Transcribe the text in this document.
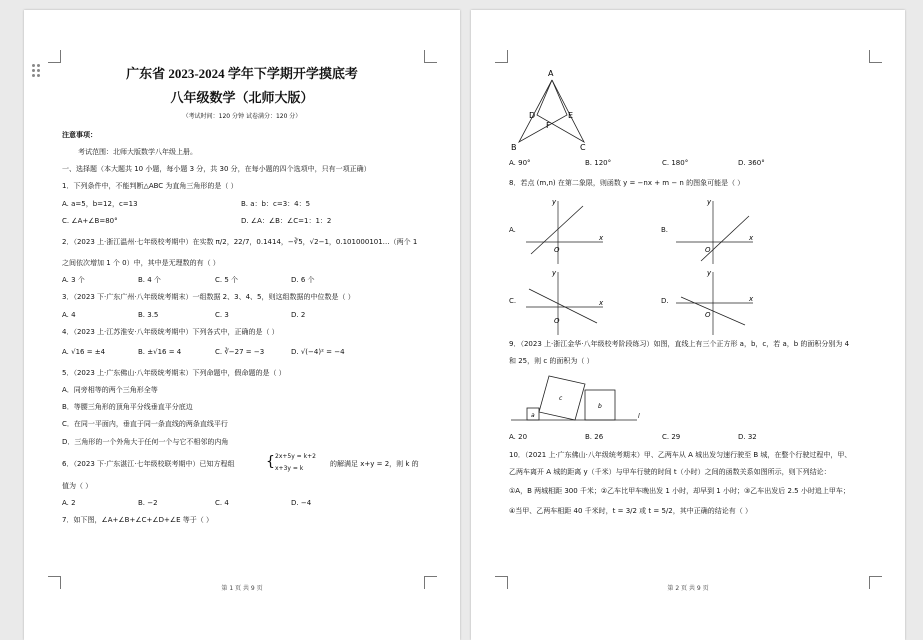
广东省 2023-2024 学年下学期开学摸底考
八年级数学（北师大版）
（考试时间：120 分钟 试卷满分：120 分）
注意事项：
考试范围：北师大版数学八年级上册。
一、选择题（本大题共 10 小题，每小题 3 分，共 30 分，在每小题的四个选项中，只有一项正确）
1．下列条件中，不能判断△ABC 为直角三角形的是（ ）
A. a=5，b=12，c=13	B. a：b：c=3：4：5
C. ∠A+∠B=80°	D. ∠A：∠B：∠C=1：1：2
2．（2023 上·浙江温州·七年级校考期中）在实数 π/2，22/7，0.1414，−∛5，√2−1，0.101000101…（两个 1
之间依次增加 1 个 0）中，其中是无理数的有（ ）
A. 3 个	B. 4 个	C. 5 个	D. 6 个
3．（2023 下·广东广州·八年级统考期末）一组数据 2、3、4、5，则这组数据的中位数是（ ）
A. 4	B. 3.5	C. 3	D. 2
4．（2023 上·江苏淮安·八年级统考期中）下列各式中，正确的是（ ）
A. √16 = ±4	B. ±√16 = 4	C. ∛−27 = −3	D. √(−4)² = −4
5．（2023 上·广东佛山·八年级统考期末）下列命题中，假命题的是（ ）
A．同旁相等的两个三角形全等
B．等腰三角形的顶角平分线垂直平分底边
C．在同一平面内，垂直于同一条直线的两条直线平行
D．三角形的一个外角大于任何一个与它不相邻的内角
6．（2023 下·广东湛江·七年级校联考期中）已知方程组 { 2x+5y = k+2
x+3y = k
的解满足 x+y = 2，则 k 的
值为（ ）
A. 2	B. −2	C. 4	D. −4
7．如下图，∠A+∠B+∠C+∠D+∠E 等于（ ）
第 1 页 共 9 页
A
B	C
D	E
F
A. 90°	B. 120°	C. 180°	D. 360°
8．若点 (m,n) 在第二象限，则函数 y = −nx + m − n 的图象可能是（ ）
A.
x
y
O
B.
x
y
O
C.	x
y
O
D.	x
y
O
9．（2023 上·浙江金华·八年级校考阶段练习）如图，直线上有三个正方形 a，b，c，若 a，b 的面积分别为 4
和 25，则 c 的面积为（ ）
a
c
b
l
A. 20	B. 26	C. 29	D. 32
10．（2021 上·广东佛山·八年级统考期末）甲、乙两车从 A 城出发匀速行驶至 B 城，在整个行驶过程中，甲、
乙两车离开 A 城的距离 y（千米）与甲车行驶的时间 t（小时）之间的函数关系如图所示，则下列结论：
①A，B 两城相距 300 千米；②乙车比甲车晚出发 1 小时，却早到 1 小时；③乙车出发后 2.5 小时追上甲车；
④当甲、乙两车相距 40 千米时，t = 3/2 或 t = 5/2，其中正确的结论有（ ）
第 2 页 共 9 页
